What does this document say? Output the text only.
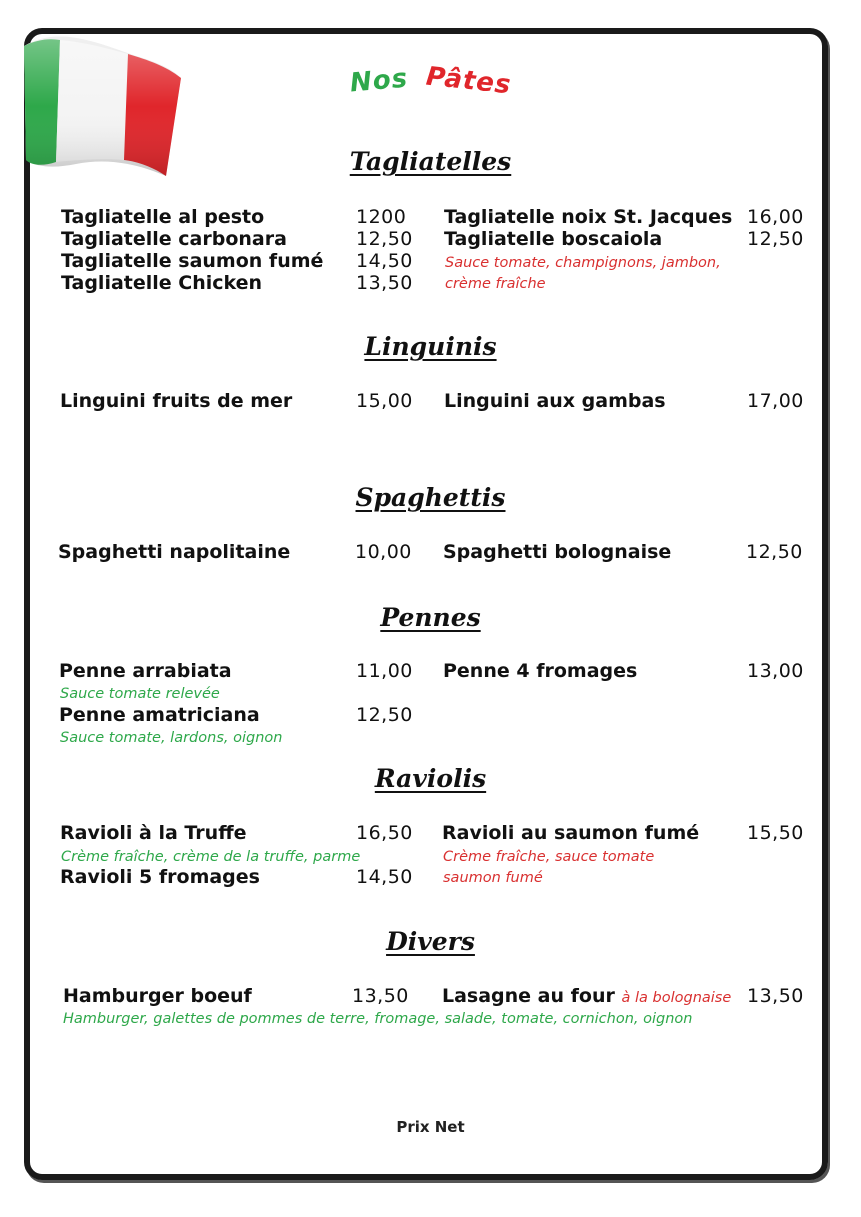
Nos Pâtes
Tagliatelles
Tagliatelle al pesto	1200
Tagliatelle carbonara	12,50
Tagliatelle saumon fumé 14,50
Tagliatelle Chicken	13,50
Tagliatelle noix St. Jacques 16,00
Tagliatelle boscaiola	12,50
Sauce tomate, champignons, jambon,
crème fraîche
Linguinis
Linguini fruits de mer	15,00 Linguini aux gambas	17,00
Spaghettis
Spaghetti napolitaine	10,00 Spaghetti bolognaise	12,50
Pennes
Penne arrabiata	11,00
Sauce tomate relevée
Penne amatriciana	12,50
Sauce tomate, lardons, oignon
Penne 4 fromages	13,00
Raviolis
Ravioli à la Truffe	16,50
Crème fraîche, crème de la truffe, parme
Ravioli 5 fromages	14,50
Ravioli au saumon fumé	15,50
Crème fraîche, sauce tomate
saumon fumé
Divers
Hamburger boeuf	13,50
Hamburger, galettes de pommes de terre, fromage, salade, tomate, cornichon, oignon
Lasagne au four à la bolognaise 13,50
Prix Net
